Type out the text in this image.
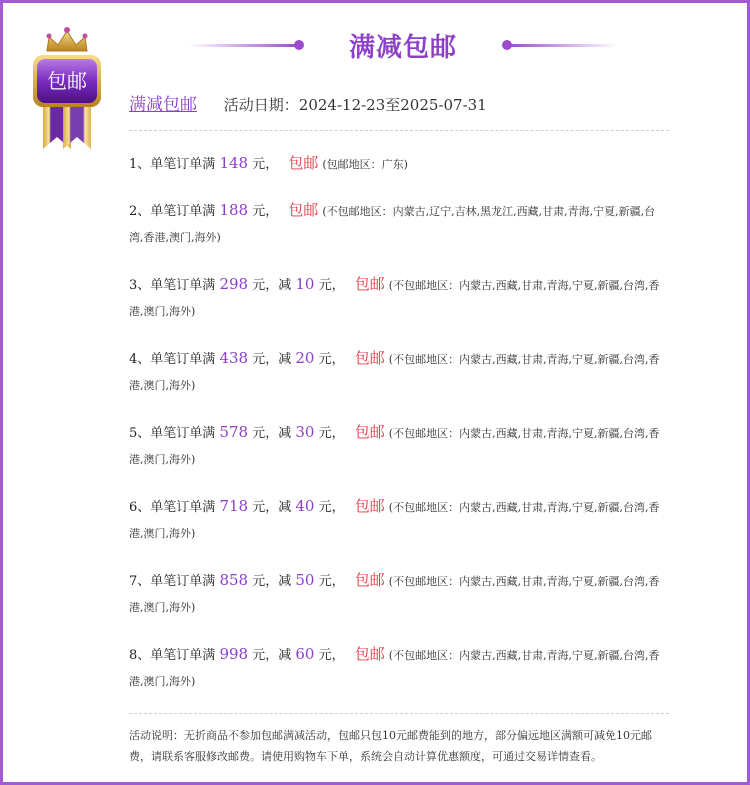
包邮
满减包邮
满减包邮 活动日期：2024-12-23至2025-07-31
1、单笔订单满 148 元， 包邮 (包邮地区：广东)
2、单笔订单满 188 元， 包邮 (不包邮地区：内蒙古,辽宁,吉林,黑龙江,西藏,甘肃,青海,宁夏,新疆,台湾,香港,澳门,海外)
3、单笔订单满 298 元，减 10 元， 包邮 (不包邮地区：内蒙古,西藏,甘肃,青海,宁夏,新疆,台湾,香港,澳门,海外)
4、单笔订单满 438 元，减 20 元， 包邮 (不包邮地区：内蒙古,西藏,甘肃,青海,宁夏,新疆,台湾,香港,澳门,海外)
5、单笔订单满 578 元，减 30 元， 包邮 (不包邮地区：内蒙古,西藏,甘肃,青海,宁夏,新疆,台湾,香港,澳门,海外)
6、单笔订单满 718 元，减 40 元， 包邮 (不包邮地区：内蒙古,西藏,甘肃,青海,宁夏,新疆,台湾,香港,澳门,海外)
7、单笔订单满 858 元，减 50 元， 包邮 (不包邮地区：内蒙古,西藏,甘肃,青海,宁夏,新疆,台湾,香港,澳门,海外)
8、单笔订单满 998 元，减 60 元， 包邮 (不包邮地区：内蒙古,西藏,甘肃,青海,宁夏,新疆,台湾,香港,澳门,海外)
活动说明：无折商品不参加包邮满减活动，包邮只包10元邮费能到的地方，部分偏远地区满额可减免10元邮费，请联系客服修改邮费。请使用购物车下单，系统会自动计算优惠额度，可通过交易详情查看。
